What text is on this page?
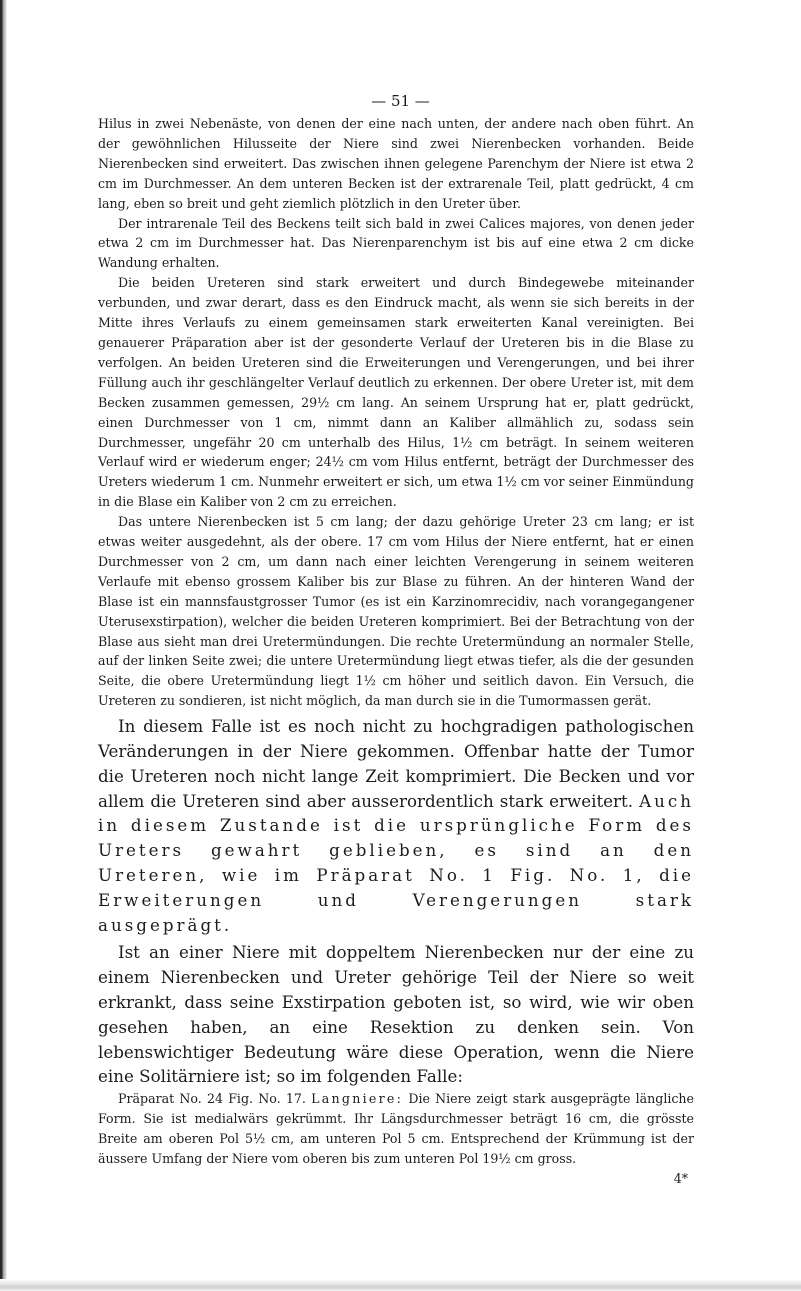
— 51 —

Hilus in zwei Nebenäste, von denen der eine nach unten, der andere nach oben führt. An der gewöhnlichen Hilusseite der Niere sind zwei Nierenbecken vorhanden. Beide Nierenbecken sind erweitert. Das zwischen ihnen gelegene Parenchym der Niere ist etwa 2 cm im Durchmesser. An dem unteren Becken ist der extrarenale Teil, platt gedrückt, 4 cm lang, eben so breit und geht ziemlich plötzlich in den Ureter über.

Der intrarenale Teil des Beckens teilt sich bald in zwei Calices majores, von denen jeder etwa 2 cm im Durchmesser hat. Das Nierenparenchym ist bis auf eine etwa 2 cm dicke Wandung erhalten.

Die beiden Ureteren sind stark erweitert und durch Bindegewebe miteinander verbunden, und zwar derart, dass es den Eindruck macht, als wenn sie sich bereits in der Mitte ihres Verlaufs zu einem gemeinsamen stark erweiterten Kanal vereinigten. Bei genauerer Präparation aber ist der gesonderte Verlauf der Ureteren bis in die Blase zu verfolgen. An beiden Ureteren sind die Erweiterungen und Verengerungen, und bei ihrer Füllung auch ihr geschlängelter Verlauf deutlich zu erkennen. Der obere Ureter ist, mit dem Becken zusammen gemessen, 29½ cm lang. An seinem Ursprung hat er, platt gedrückt, einen Durchmesser von 1 cm, nimmt dann an Kaliber allmählich zu, sodass sein Durchmesser, ungefähr 20 cm unterhalb des Hilus, 1½ cm beträgt. In seinem weiteren Verlauf wird er wiederum enger; 24½ cm vom Hilus entfernt, beträgt der Durchmesser des Ureters wiederum 1 cm. Nunmehr erweitert er sich, um etwa 1½ cm vor seiner Einmündung in die Blase ein Kaliber von 2 cm zu erreichen.

Das untere Nierenbecken ist 5 cm lang; der dazu gehörige Ureter 23 cm lang; er ist etwas weiter ausgedehnt, als der obere. 17 cm vom Hilus der Niere entfernt, hat er einen Durchmesser von 2 cm, um dann nach einer leichten Verengerung in seinem weiteren Verlaufe mit ebenso grossem Kaliber bis zur Blase zu führen. An der hinteren Wand der Blase ist ein mannsfaustgrosser Tumor (es ist ein Karzinomrecidiv, nach vorangegangener Uterusexstirpation), welcher die beiden Ureteren komprimiert. Bei der Betrachtung von der Blase aus sieht man drei Uretermündungen. Die rechte Uretermündung an normaler Stelle, auf der linken Seite zwei; die untere Uretermündung liegt etwas tiefer, als die der gesunden Seite, die obere Uretermündung liegt 1½ cm höher und seitlich davon. Ein Versuch, die Ureteren zu sondieren, ist nicht möglich, da man durch sie in die Tumormassen gerät.

In diesem Falle ist es noch nicht zu hochgradigen pathologischen Veränderungen in der Niere gekommen. Offenbar hatte der Tumor die Ureteren noch nicht lange Zeit komprimiert. Die Becken und vor allem die Ureteren sind aber ausserordentlich stark erweitert. Auch in diesem Zustande ist die ursprüngliche Form des Ureters gewahrt geblieben, es sind an den Ureteren, wie im Präparat No. 1 Fig. No. 1, die Erweiterungen und Verengerungen stark ausgeprägt.

Ist an einer Niere mit doppeltem Nierenbecken nur der eine zu einem Nierenbecken und Ureter gehörige Teil der Niere so weit erkrankt, dass seine Exstirpation geboten ist, so wird, wie wir oben gesehen haben, an eine Resektion zu denken sein. Von lebenswichtiger Bedeutung wäre diese Operation, wenn die Niere eine Solitärniere ist; so im folgenden Falle:

Präparat No. 24 Fig. No. 17. Langniere: Die Niere zeigt stark ausgeprägte längliche Form. Sie ist medialwärs gekrümmt. Ihr Längsdurchmesser beträgt 16 cm, die grösste Breite am oberen Pol 5½ cm, am unteren Pol 5 cm. Entsprechend der Krümmung ist der äussere Umfang der Niere vom oberen bis zum unteren Pol 19½ cm gross.

4*
